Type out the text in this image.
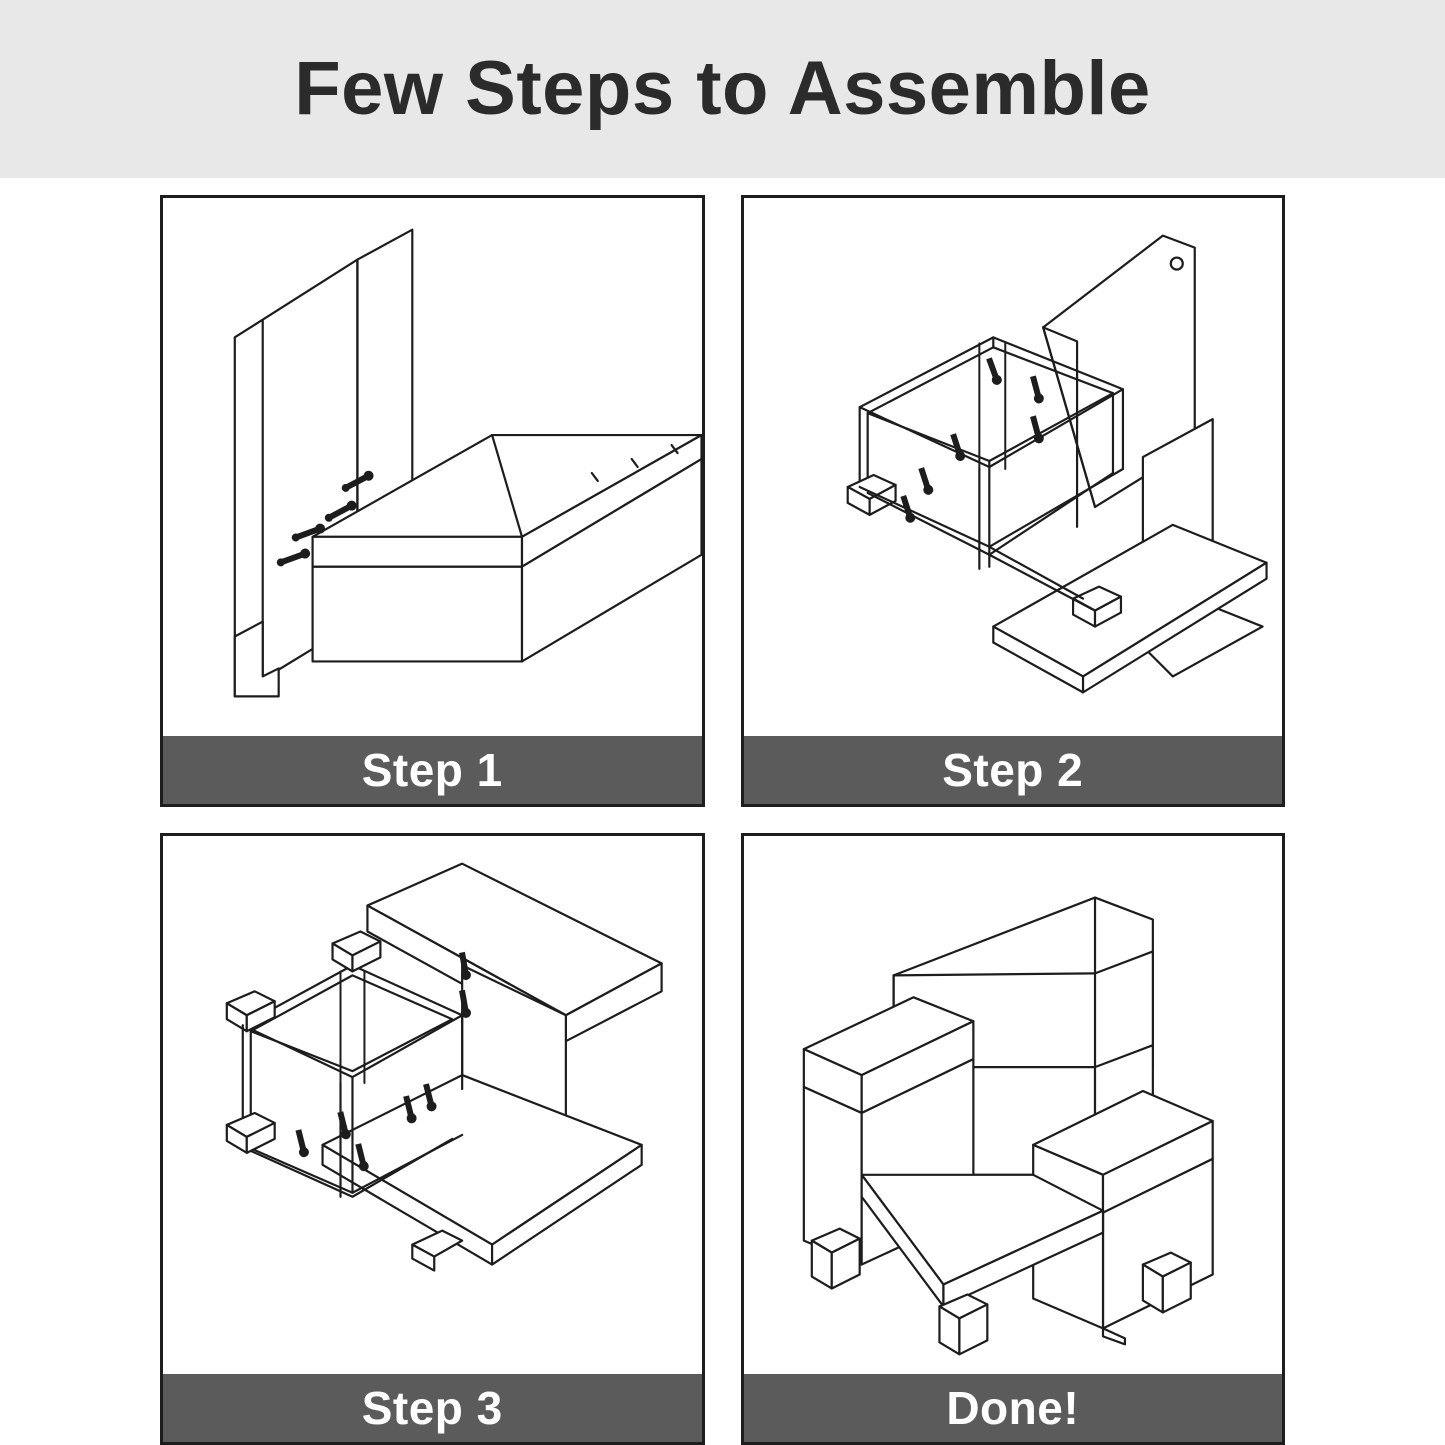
Few Steps to Assemble
Step 1	Step 2
Step 3	Done!
